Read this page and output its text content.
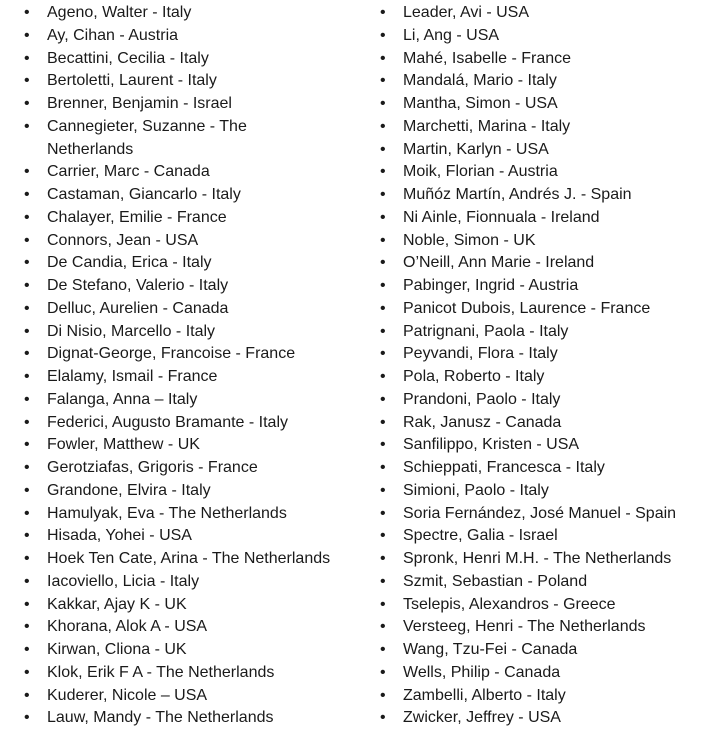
• Ageno, Walter - Italy
• Ay, Cihan - Austria
• Becattini, Cecilia - Italy
• Bertoletti, Laurent - Italy
• Brenner, Benjamin - Israel
• Cannegieter, Suzanne - The Netherlands
• Carrier, Marc - Canada
• Castaman, Giancarlo - Italy
• Chalayer, Emilie - France
• Connors, Jean - USA
• De Candia, Erica - Italy
• De Stefano, Valerio - Italy
• Delluc, Aurelien - Canada
• Di Nisio, Marcello - Italy
• Dignat-George, Francoise - France
• Elalamy, Ismail - France
• Falanga, Anna – Italy
• Federici, Augusto Bramante - Italy
• Fowler, Matthew - UK
• Gerotziafas, Grigoris - France
• Grandone, Elvira - Italy
• Hamulyak, Eva - The Netherlands
• Hisada, Yohei - USA
• Hoek Ten Cate, Arina - The Netherlands
• Iacoviello, Licia - Italy
• Kakkar, Ajay K - UK
• Khorana, Alok A - USA
• Kirwan, Cliona - UK
• Klok, Erik F A - The Netherlands
• Kuderer, Nicole – USA
• Lauw, Mandy - The Netherlands
• Leader, Avi - USA
• Li, Ang - USA
• Mahé, Isabelle - France
• Mandalá, Mario - Italy
• Mantha, Simon - USA
• Marchetti, Marina - Italy
• Martin, Karlyn - USA
• Moik, Florian - Austria
• Muñóz Martín, Andrés J. - Spain
• Ni Ainle, Fionnuala - Ireland
• Noble, Simon - UK
• O’Neill, Ann Marie - Ireland
• Pabinger, Ingrid - Austria
• Panicot Dubois, Laurence - France
• Patrignani, Paola - Italy
• Peyvandi, Flora - Italy
• Pola, Roberto - Italy
• Prandoni, Paolo - Italy
• Rak, Janusz - Canada
• Sanfilippo, Kristen - USA
• Schieppati, Francesca - Italy
• Simioni, Paolo - Italy
• Soria Fernández, José Manuel - Spain
• Spectre, Galia - Israel
• Spronk, Henri M.H. - The Netherlands
• Szmit, Sebastian - Poland
• Tselepis, Alexandros - Greece
• Versteeg, Henri - The Netherlands
• Wang, Tzu-Fei - Canada
• Wells, Philip - Canada
• Zambelli, Alberto - Italy
• Zwicker, Jeffrey - USA
